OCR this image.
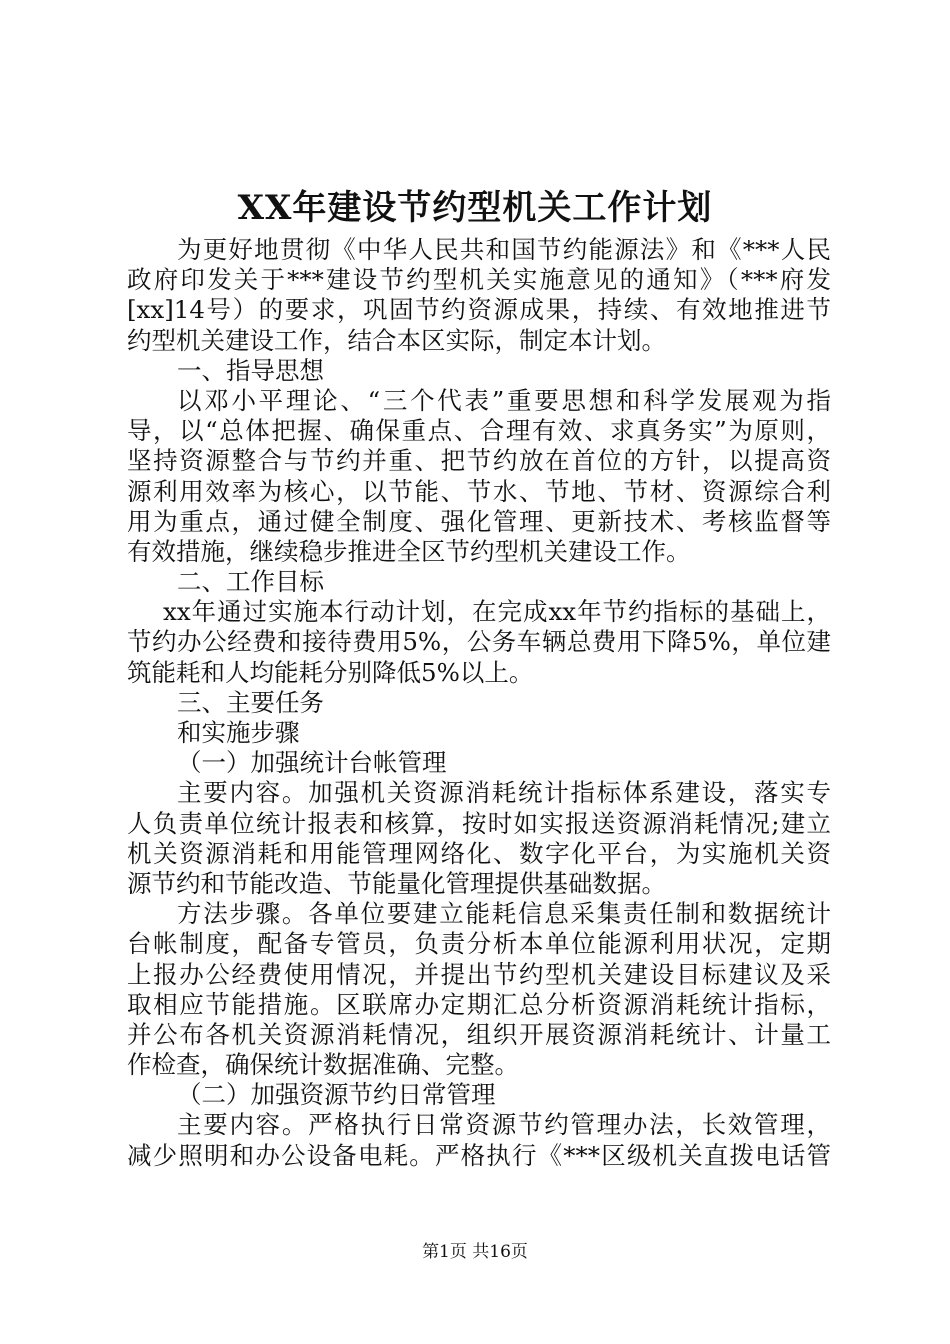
XX年建设节约型机关工作计划
为更好地贯彻《中华人民共和国节约能源法》和《***人民
政府印发关于***建设节约型机关实施意见的通知》（***府发
[xx]14号）的要求，巩固节约资源成果，持续、有效地推进节
约型机关建设工作，结合本区实际，制定本计划。
一、指导思想
以邓小平理论、“三个代表”重要思想和科学发展观为指
导，以“总体把握、确保重点、合理有效、求真务实”为原则，
坚持资源整合与节约并重、把节约放在首位的方针，以提高资
源利用效率为核心，以节能、节水、节地、节材、资源综合利
用为重点，通过健全制度、强化管理、更新技术、考核监督等
有效措施，继续稳步推进全区节约型机关建设工作。
二、工作目标
xx年通过实施本行动计划，在完成xx年节约指标的基础上，
节约办公经费和接待费用5%，公务车辆总费用下降5%，单位建
筑能耗和人均能耗分别降低5%以上。
三、主要任务
和实施步骤
（一）加强统计台帐管理
主要内容。加强机关资源消耗统计指标体系建设，落实专
人负责单位统计报表和核算，按时如实报送资源消耗情况;建立
机关资源消耗和用能管理网络化、数字化平台，为实施机关资
源节约和节能改造、节能量化管理提供基础数据。
方法步骤。各单位要建立能耗信息采集责任制和数据统计
台帐制度，配备专管员，负责分析本单位能源利用状况，定期
上报办公经费使用情况，并提出节约型机关建设目标建议及采
取相应节能措施。区联席办定期汇总分析资源消耗统计指标，
并公布各机关资源消耗情况，组织开展资源消耗统计、计量工
作检查，确保统计数据准确、完整。
（二）加强资源节约日常管理
主要内容。严格执行日常资源节约管理办法，长效管理，
减少照明和办公设备电耗。严格执行《***区级机关直拨电话管
第1页 共16页
